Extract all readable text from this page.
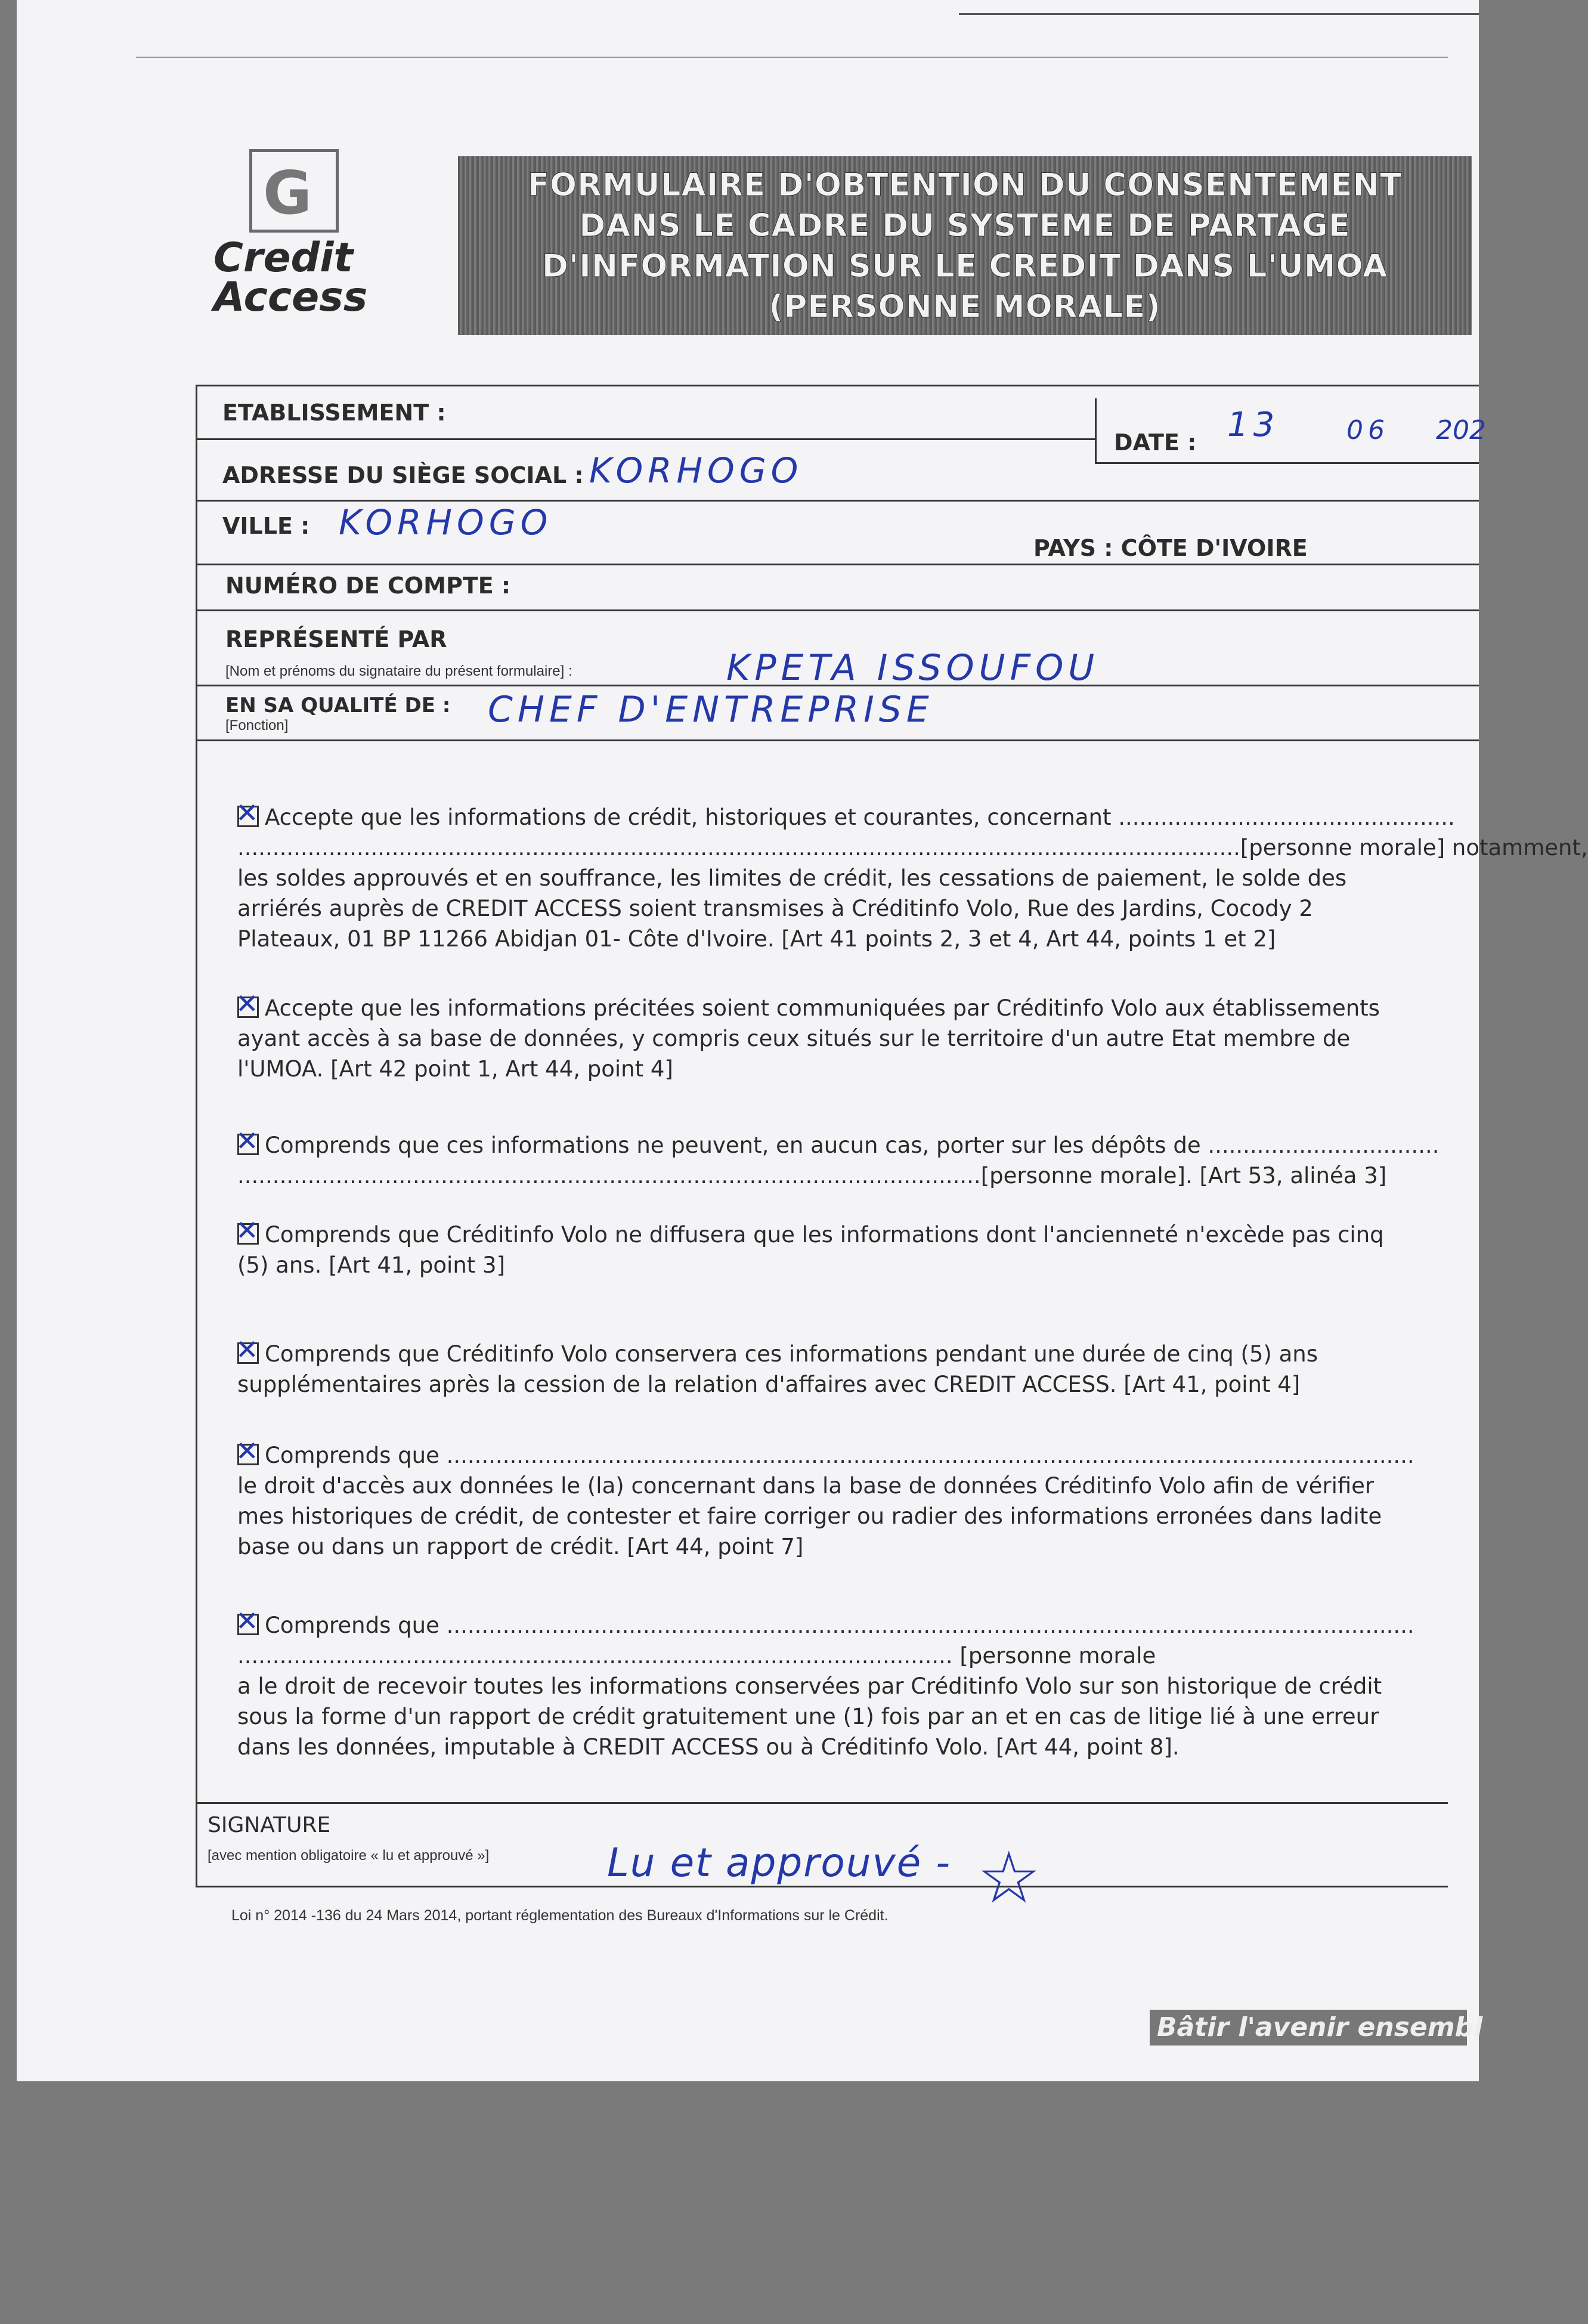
G
Credit
Access
FORMULAIRE D'OBTENTION DU CONSENTEMENT
DANS LE CADRE DU SYSTEME DE PARTAGE
D'INFORMATION SUR LE CREDIT DANS L'UMOA
(PERSONNE MORALE)
ETABLISSEMENT :
DATE : 13	06 202
ADRESSE DU SIÈGE SOCIAL : KORHOGO
VILLE : KORHOGO
PAYS : CÔTE D'IVOIRE
NUMÉRO DE COMPTE :
REPRÉSENTÉ PAR
[Nom et prénoms du signataire du présent formulaire] :	KPETA ISSOUFOU
EN SA QUALITÉ DE :
[Fonction]	CHEF D'ENTREPRISE
✕Accepte que les informations de crédit, historiques et courantes, concernant ................................................
...............................................................................................................................................[personne morale] notamment,
les soldes approuvés et en souffrance, les limites de crédit, les cessations de paiement, le solde des
arriérés auprès de CREDIT ACCESS soient transmises à Créditinfo Volo, Rue des Jardins, Cocody 2
Plateaux, 01 BP 11266 Abidjan 01- Côte d'Ivoire. [Art 41 points 2, 3 et 4, Art 44, points 1 et 2]
✕Accepte que les informations précitées soient communiquées par Créditinfo Volo aux établissements
ayant accès à sa base de données, y compris ceux situés sur le territoire d'un autre Etat membre de
l'UMOA. [Art 42 point 1, Art 44, point 4]
✕Comprends que ces informations ne peuvent, en aucun cas, porter sur les dépôts de .................................
..........................................................................................................[personne morale]. [Art 53, alinéa 3]
✕Comprends que Créditinfo Volo ne diffusera que les informations dont l'ancienneté n'excède pas cinq
(5) ans. [Art 41, point 3]
✕Comprends que Créditinfo Volo conservera ces informations pendant une durée de cinq (5) ans
supplémentaires après la cession de la relation d'affaires avec CREDIT ACCESS. [Art 41, point 4]
✕Comprends que ..........................................................................................................................................
le droit d'accès aux données le (la) concernant dans la base de données Créditinfo Volo afin de vérifier
mes historiques de crédit, de contester et faire corriger ou radier des informations erronées dans ladite
base ou dans un rapport de crédit. [Art 44, point 7]
✕Comprends que ..........................................................................................................................................
...................................................................................................... [personne morale
a le droit de recevoir toutes les informations conservées par Créditinfo Volo sur son historique de crédit
sous la forme d'un rapport de crédit gratuitement une (1) fois par an et en cas de litige lié à une erreur
dans les données, imputable à CREDIT ACCESS ou à Créditinfo Volo. [Art 44, point 8].
SIGNATURE
[avec mention obligatoire « lu et approuvé »]	Lu et approuvé - ☆
Loi n° 2014 -136 du 24 Mars 2014, portant réglementation des Bureaux d'Informations sur le Crédit.
Bâtir l'avenir ensembl
